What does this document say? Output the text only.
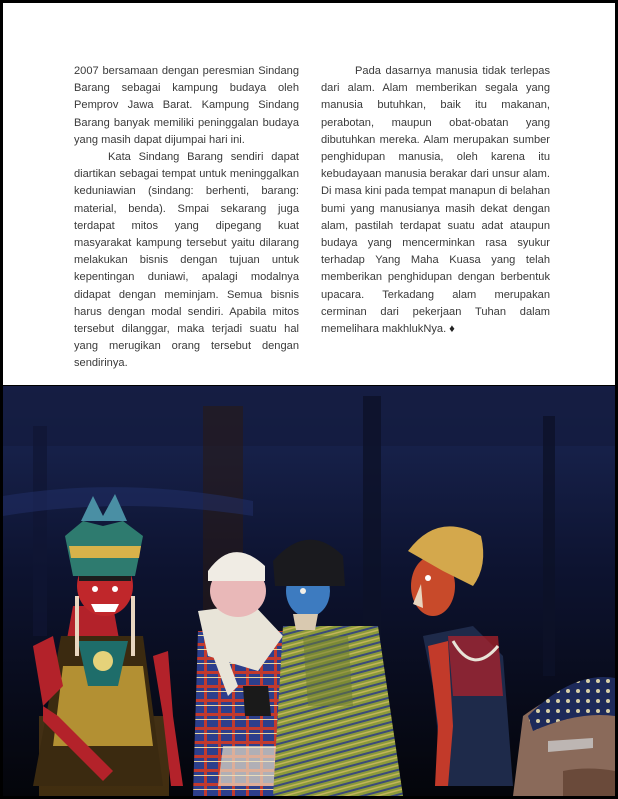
2007 bersamaan dengan peresmian Sindang Barang sebagai kampung budaya oleh Pemprov Jawa Barat. Kampung Sindang Barang banyak memiliki peninggalan budaya yang masih dapat dijumpai hari ini.

Kata Sindang Barang sendiri dapat diartikan sebagai tempat untuk meninggalkan keduniawian (sindang: berhenti, barang: material, benda). Smpai sekarang juga terdapat mitos yang dipegang kuat masyarakat kampung tersebut yaitu dilarang melakukan bisnis dengan tujuan untuk kepentingan duniawi, apalagi modalnya didapat dengan meminjam. Semua bisnis harus dengan modal sendiri. Apabila mitos tersebut dilanggar, maka terjadi suatu hal yang merugikan orang tersebut dengan sendirinya.

Pada dasarnya manusia tidak terlepas dari alam. Alam memberikan segala yang manusia butuhkan, baik itu makanan, perabotan, maupun obat-obatan yang dibutuhkan mereka. Alam merupakan sumber penghidupan manusia, oleh karena itu kebudayaan manusia berakar dari unsur alam. Di masa kini pada tempat manapun di belahan bumi yang manusianya masih dekat dengan alam, pastilah terdapat suatu adat ataupun budaya yang mencerminkan rasa syukur terhadap Yang Maha Kuasa yang telah memberikan penghidupan dengan berbentuk upacara. Terkadang alam merupakan cerminan dari pekerjaan Tuhan dalam memelihara makhlukNya. ♦
